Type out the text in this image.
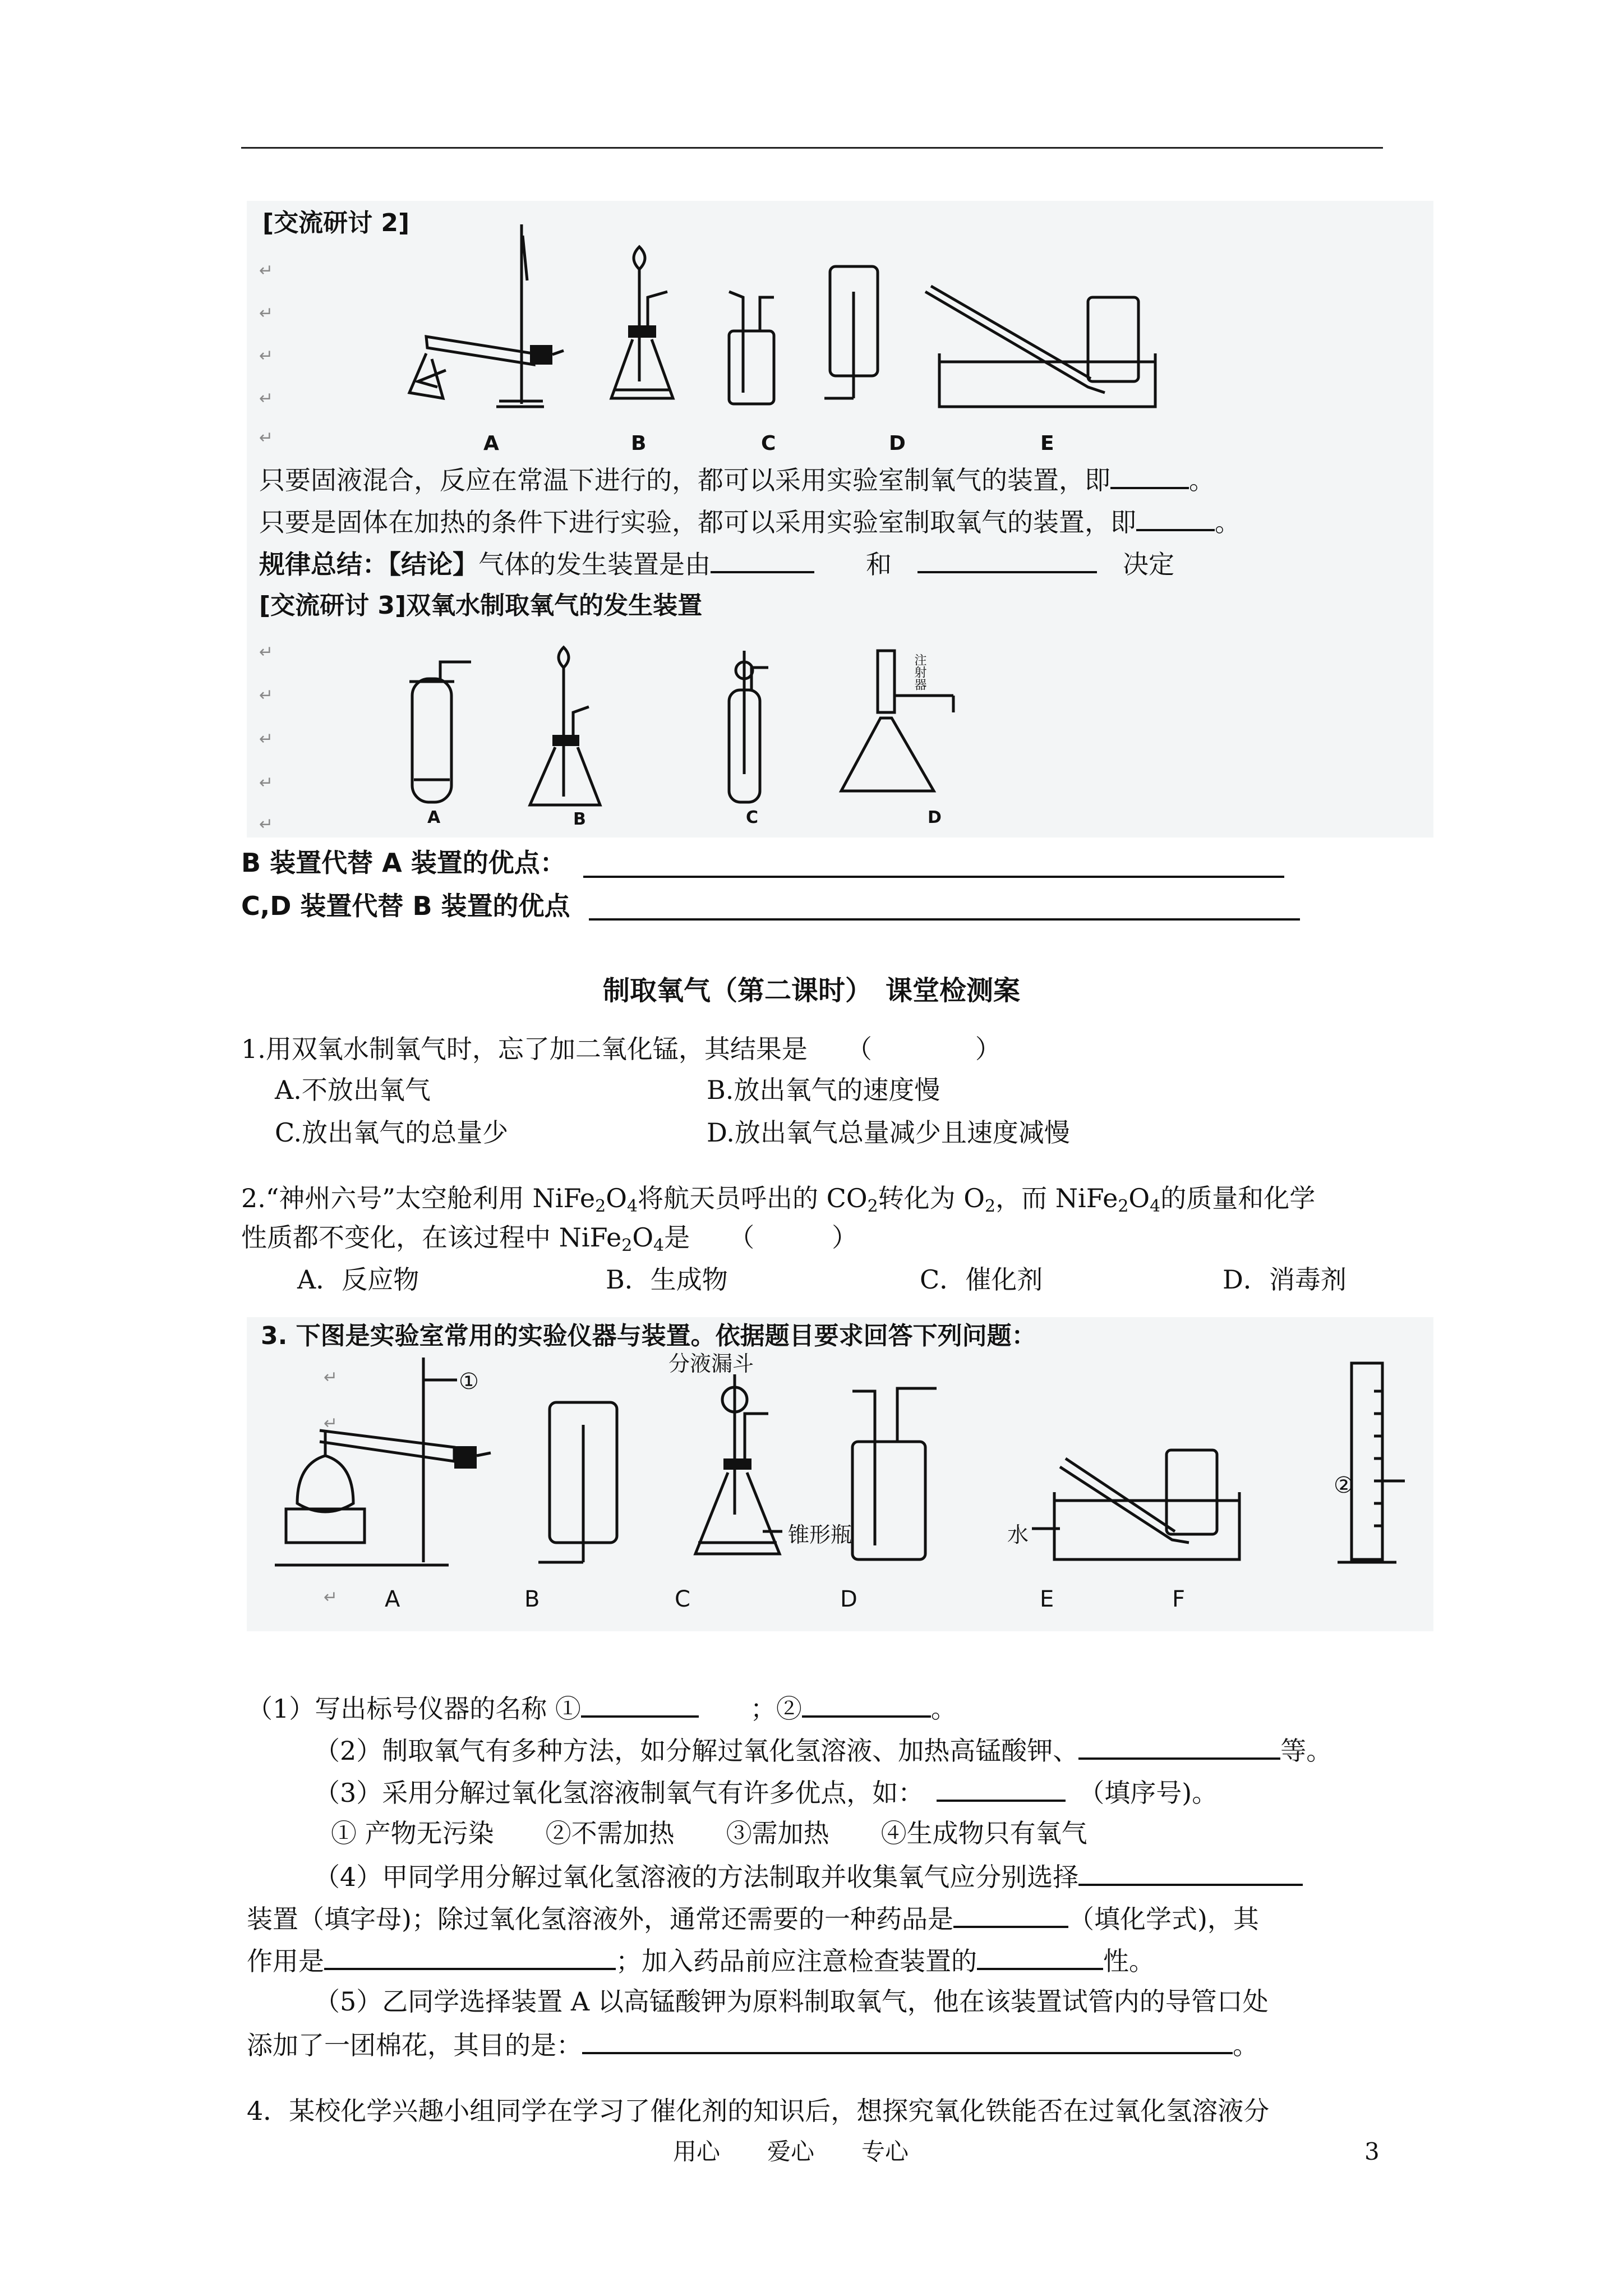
[交流研讨 2]
↵
↵
↵
↵
↵	A	B	C	D	E
只要固液混合，反应在常温下进行的，都可以采用实验室制氧气的装置，即	。
只要是固体在加热的条件下进行实验，都可以采用实验室制取氧气的装置，即	。
规律总结：【结论】气体的发生装置是由　　	和　　	决定
[交流研讨 3]双氧水制取氧气的发生装置
↵
↵
↵
↵
↵
注射器
A	B	C	D
B 装置代替 A 装置的优点：
C,D 装置代替 B 装置的优点
制取氧气（第二课时）　课堂检测案
1.用双氧水制氧气时，忘了加二氧化锰，其结果是　　（　　　　）
A.不放出氧气	B.放出氧气的速度慢
C.放出氧气的总量少	D.放出氧气总量减少且速度减慢
2.“神州六号”太空舱利用 $NiFe_2O_4$将航天员呼出的 $CO_2$转化为 $O_2$，而 $NiFe_2O_4$的质量和化学
性质都不变化，在该过程中 $NiFe_2O_4$是　　（　　　）
A．反应物	B．生成物	C．催化剂	D．消毒剂
3. 下图是实验室常用的实验仪器与装置。依据题目要求回答下列问题：
↵
↵
↵
分液漏斗
锥形瓶	水
①
②
A	B	C	D	E	F
（1）写出标号仪器的名称 ①　　	；②	。
（2）制取氧气有多种方法，如分解过氧化氢溶液、加热高锰酸钾、	等。
（3）采用分解过氧化氢溶液制氧气有许多优点，如：　　	（填序号)。
① 产物无污染　　②不需加热　　③需加热　　④生成物只有氧气
（4）甲同学用分解过氧化氢溶液的方法制取并收集氧气应分别选择
装置（填字母)；除过氧化氢溶液外，通常还需要的一种药品是	（填化学式)，其
作用是	；加入药品前应注意检查装置的	性。
（5）乙同学选择装置 A 以高锰酸钾为原料制取氧气，他在该装置试管内的导管口处
添加了一团棉花，其目的是：	。
4．某校化学兴趣小组同学在学习了催化剂的知识后，想探究氧化铁能否在过氧化氢溶液分
用心　　爱心　　专心	3
